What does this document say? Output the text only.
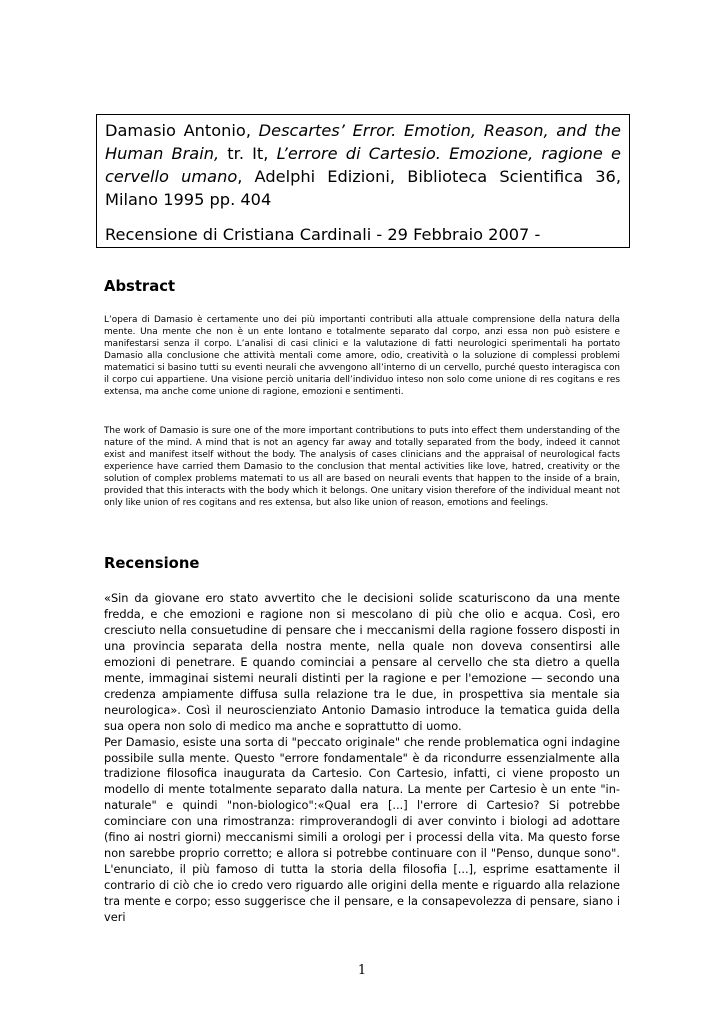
Damasio Antonio, Descartes’ Error. Emotion, Reason, and the Human Brain, tr. It, L’errore di Cartesio. Emozione, ragione e cervello umano, Adelphi Edizioni, Biblioteca Scientifica 36, Milano 1995 pp. 404

Recensione di Cristiana Cardinali - 29 Febbraio 2007 -

Abstract

L’opera di Damasio è certamente uno dei più importanti contributi alla attuale comprensione della natura della mente. Una mente che non è un ente lontano e totalmente separato dal corpo, anzi essa non può esistere e manifestarsi senza il corpo. L’analisi di casi clinici e la valutazione di fatti neurologici sperimentali ha portato Damasio alla conclusione che attività mentali come amore, odio, creatività o la soluzione di complessi problemi matematici si basino tutti su eventi neurali che avvengono all’interno di un cervello, purché questo interagisca con il corpo cui appartiene. Una visione perciò unitaria dell’individuo inteso non solo come unione di res cogitans e res extensa, ma anche come unione di ragione, emozioni e sentimenti.

The work of Damasio is sure one of the more important contributions to puts into effect them understanding of the nature of the mind. A mind that is not an agency far away and totally separated from the body, indeed it cannot exist and manifest itself without the body. The analysis of cases clinicians and the appraisal of neurological facts experience have carried them Damasio to the conclusion that mental activities like love, hatred, creativity or the solution of complex problems matemati to us all are based on neurali events that happen to the inside of a brain, provided that this interacts with the body which it belongs. One unitary vision therefore of the individual meant not only like union of res cogitans and res extensa, but also like union of reason, emotions and feelings.

Recensione

«Sin da giovane ero stato avvertito che le decisioni solide scaturiscono da una mente fredda, e che emozioni e ragione non si mescolano di più che olio e acqua. Così, ero cresciuto nella consuetudine di pensare che i meccanismi della ragione fossero disposti in una provincia separata della nostra mente, nella quale non doveva consentirsi alle emozioni di penetrare. E quando cominciai a pensare al cervello che sta dietro a quella mente, immaginai sistemi neurali distinti per la ragione e per l'emozione — secondo una credenza ampiamente diffusa sulla relazione tra le due, in prospettiva sia mentale sia neurologica». Così il neuroscienziato Antonio Damasio introduce la tematica guida della sua opera non solo di medico ma anche e soprattutto di uomo.

Per Damasio, esiste una sorta di "peccato originale" che rende problematica ogni indagine possibile sulla mente. Questo "errore fondamentale" è da ricondurre essenzialmente alla tradizione filosofica inaugurata da Cartesio. Con Cartesio, infatti, ci viene proposto un modello di mente totalmente separato dalla natura. La mente per Cartesio è un ente "in-naturale" e quindi "non-biologico":«Qual era [...] l'errore di Cartesio? Si potrebbe cominciare con una rimostranza: rimproverandogli di aver convinto i biologi ad adottare (fino ai nostri giorni) meccanismi simili a orologi per i processi della vita. Ma questo forse non sarebbe proprio corretto; e allora si potrebbe continuare con il "Penso, dunque sono". L'enunciato, il più famoso di tutta la storia della filosofia [...], esprime esattamente il contrario di ciò che io credo vero riguardo alle origini della mente e riguardo alla relazione tra mente e corpo; esso suggerisce che il pensare, e la consapevolezza di pensare, siano i veri

1
